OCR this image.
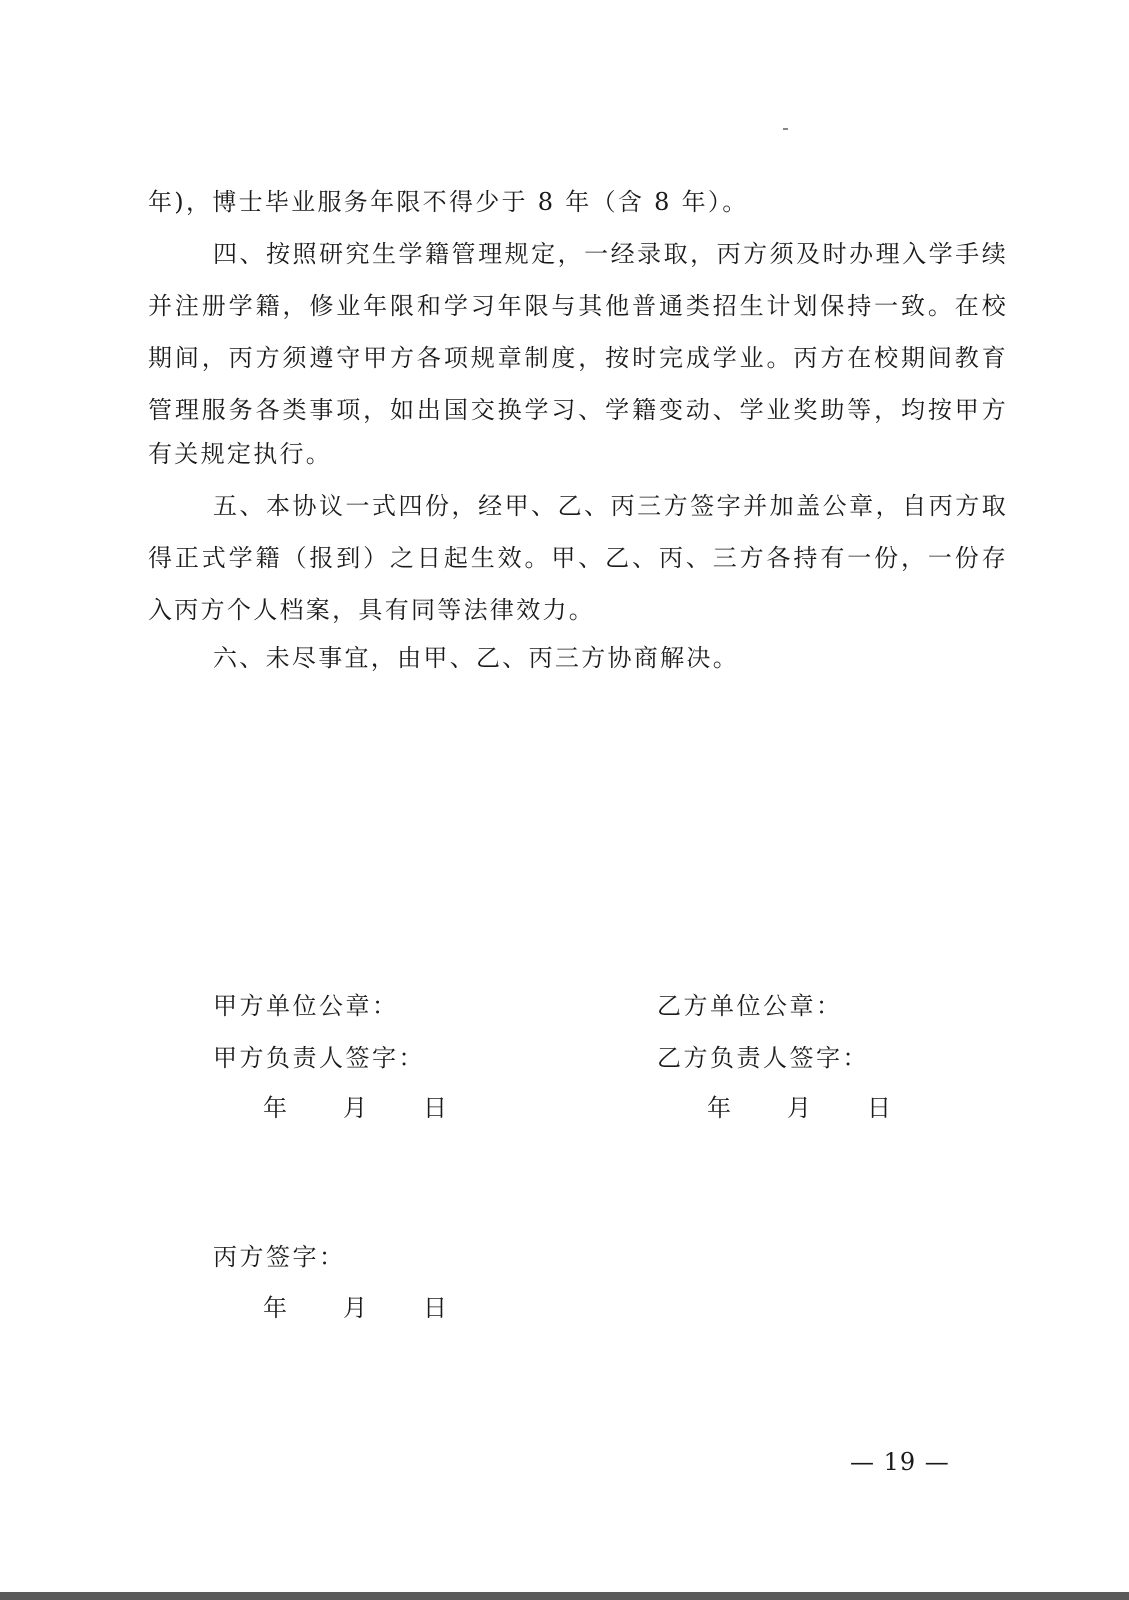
年)，博士毕业服务年限不得少于 8 年（含 8 年）。
四、按照研究生学籍管理规定，一经录取，丙方须及时办理入学手续
并注册学籍，修业年限和学习年限与其他普通类招生计划保持一致。在校
期间，丙方须遵守甲方各项规章制度，按时完成学业。丙方在校期间教育
管理服务各类事项，如出国交换学习、学籍变动、学业奖助等，均按甲方
有关规定执行。
五、本协议一式四份，经甲、乙、丙三方签字并加盖公章，自丙方取
得正式学籍（报到）之日起生效。甲、乙、丙、三方各持有一份，一份存
入丙方个人档案，具有同等法律效力。
六、未尽事宜，由甲、乙、丙三方协商解决。
甲方单位公章：
甲方负责人签字：
年 月 日
乙方单位公章：
乙方负责人签字：
年 月 日
丙方签字：
年 月 日
— 19 —
